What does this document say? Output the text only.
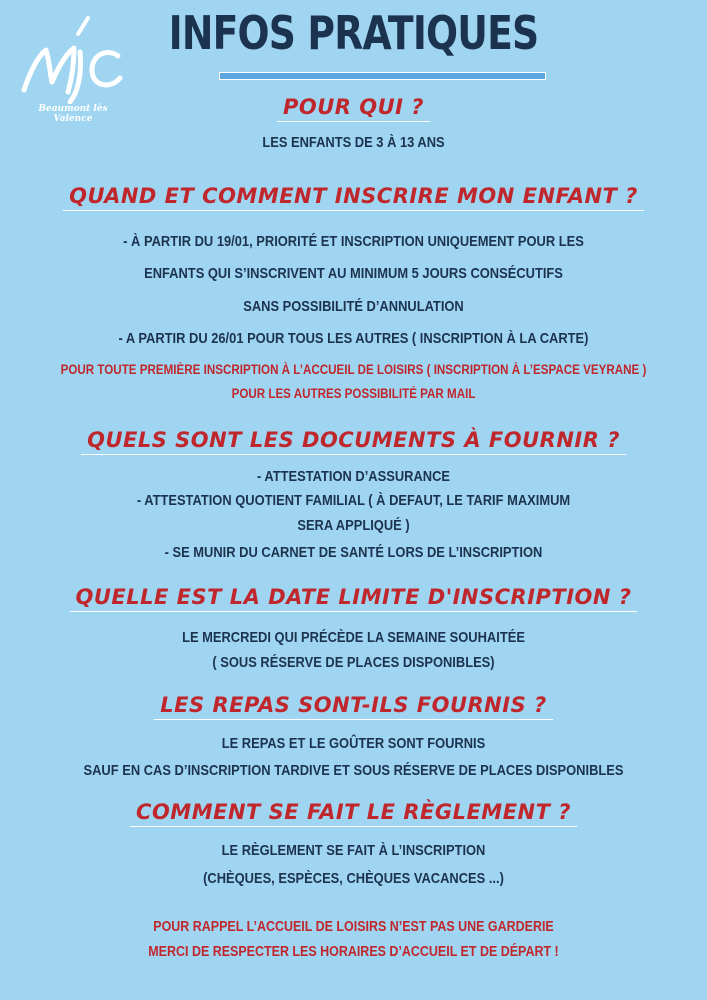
Beaumont lès Valence
INFOS PRATIQUES
POUR QUI ?
LES ENFANTS DE 3 À 13 ANS
QUAND ET COMMENT INSCRIRE MON ENFANT ?
- À PARTIR DU 19/01, PRIORITÉ ET INSCRIPTION UNIQUEMENT POUR LES
ENFANTS QUI S’INSCRIVENT AU MINIMUM 5 JOURS CONSÉCUTIFS
SANS POSSIBILITÉ D’ANNULATION
- A PARTIR DU 26/01 POUR TOUS LES AUTRES ( INSCRIPTION À LA CARTE)
POUR TOUTE PREMIÈRE INSCRIPTION À L’ACCUEIL DE LOISIRS ( INSCRIPTION À L’ESPACE VEYRANE )
POUR LES AUTRES POSSIBILITÉ PAR MAIL
QUELS SONT LES DOCUMENTS À FOURNIR ?
- ATTESTATION D’ASSURANCE
- ATTESTATION QUOTIENT FAMILIAL ( À DEFAUT, LE TARIF MAXIMUM
SERA APPLIQUÉ )
- SE MUNIR DU CARNET DE SANTÉ LORS DE L’INSCRIPTION
QUELLE EST LA DATE LIMITE D'INSCRIPTION ?
LE MERCREDI QUI PRÉCÈDE LA SEMAINE SOUHAITÉE
( SOUS RÉSERVE DE PLACES DISPONIBLES)
LES REPAS SONT-ILS FOURNIS ?
LE REPAS ET LE GOÛTER SONT FOURNIS
SAUF EN CAS D’INSCRIPTION TARDIVE ET SOUS RÉSERVE DE PLACES DISPONIBLES
COMMENT SE FAIT LE RÈGLEMENT ?
LE RÈGLEMENT SE FAIT À L’INSCRIPTION
(CHÈQUES, ESPÈCES, CHÈQUES VACANCES ...)
POUR RAPPEL L’ACCUEIL DE LOISIRS N’EST PAS UNE GARDERIE
MERCI DE RESPECTER LES HORAIRES D’ACCUEIL ET DE DÉPART !
